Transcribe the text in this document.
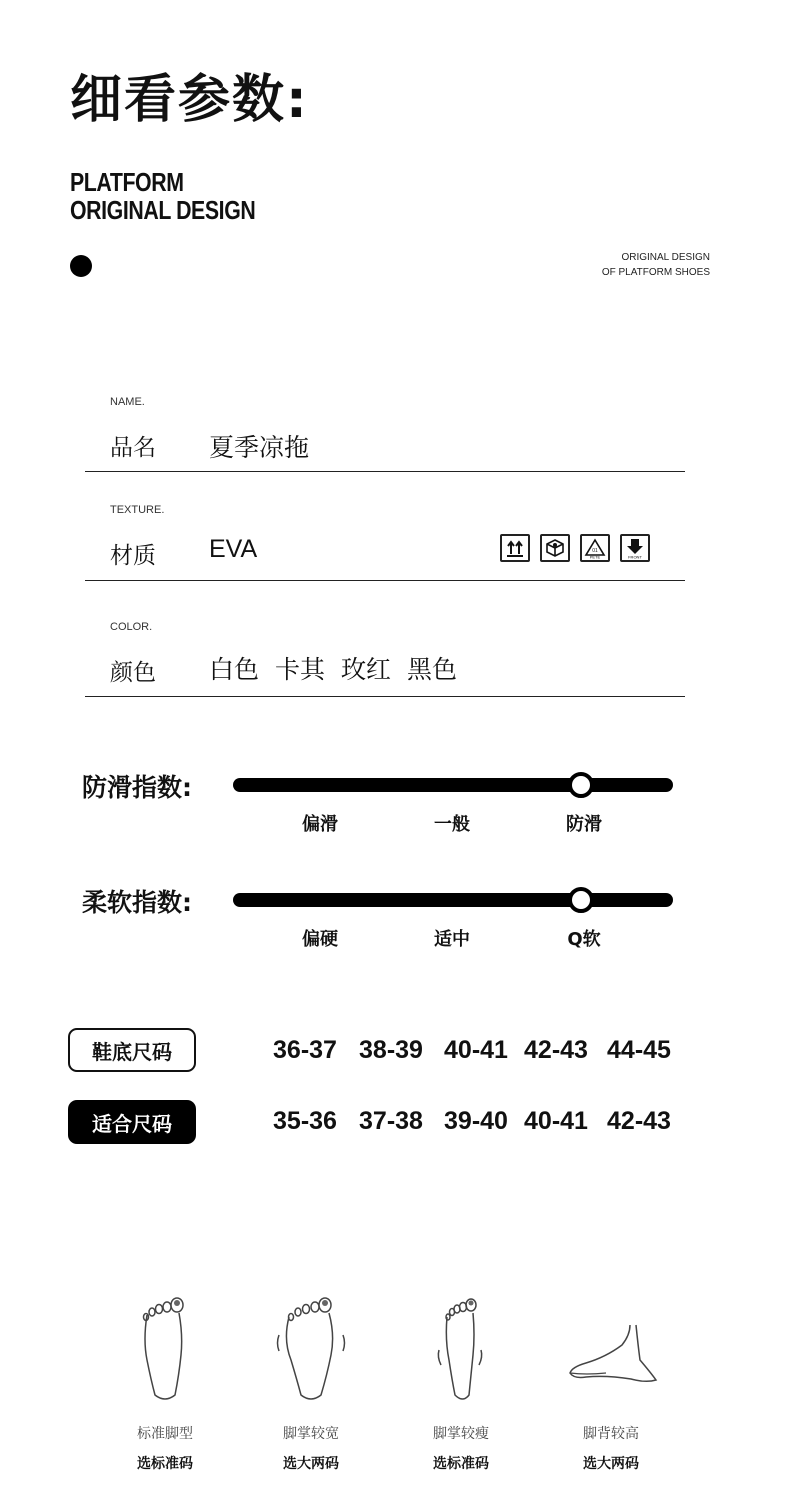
细看参数:
PLATFORM
ORIGINAL DESIGN
ORIGINAL DESIGN
OF PLATFORM SHOES
NAME.
品名 夏季凉拖
TEXTURE.
材质 EVA	01
PETE	FRONT
COLOR.
颜色 白色 卡其 玫红 黑色
防滑指数:
偏滑	一般	防滑
柔软指数:
偏硬	适中	Q软
鞋底尺码	36-37 38-39 40-41 42-43 44-45
适合尺码	35-36 37-38 39-40 40-41 42-43
标准脚型
选标准码
脚掌较宽
选大两码
脚掌较瘦
选标准码
脚背较高
选大两码
